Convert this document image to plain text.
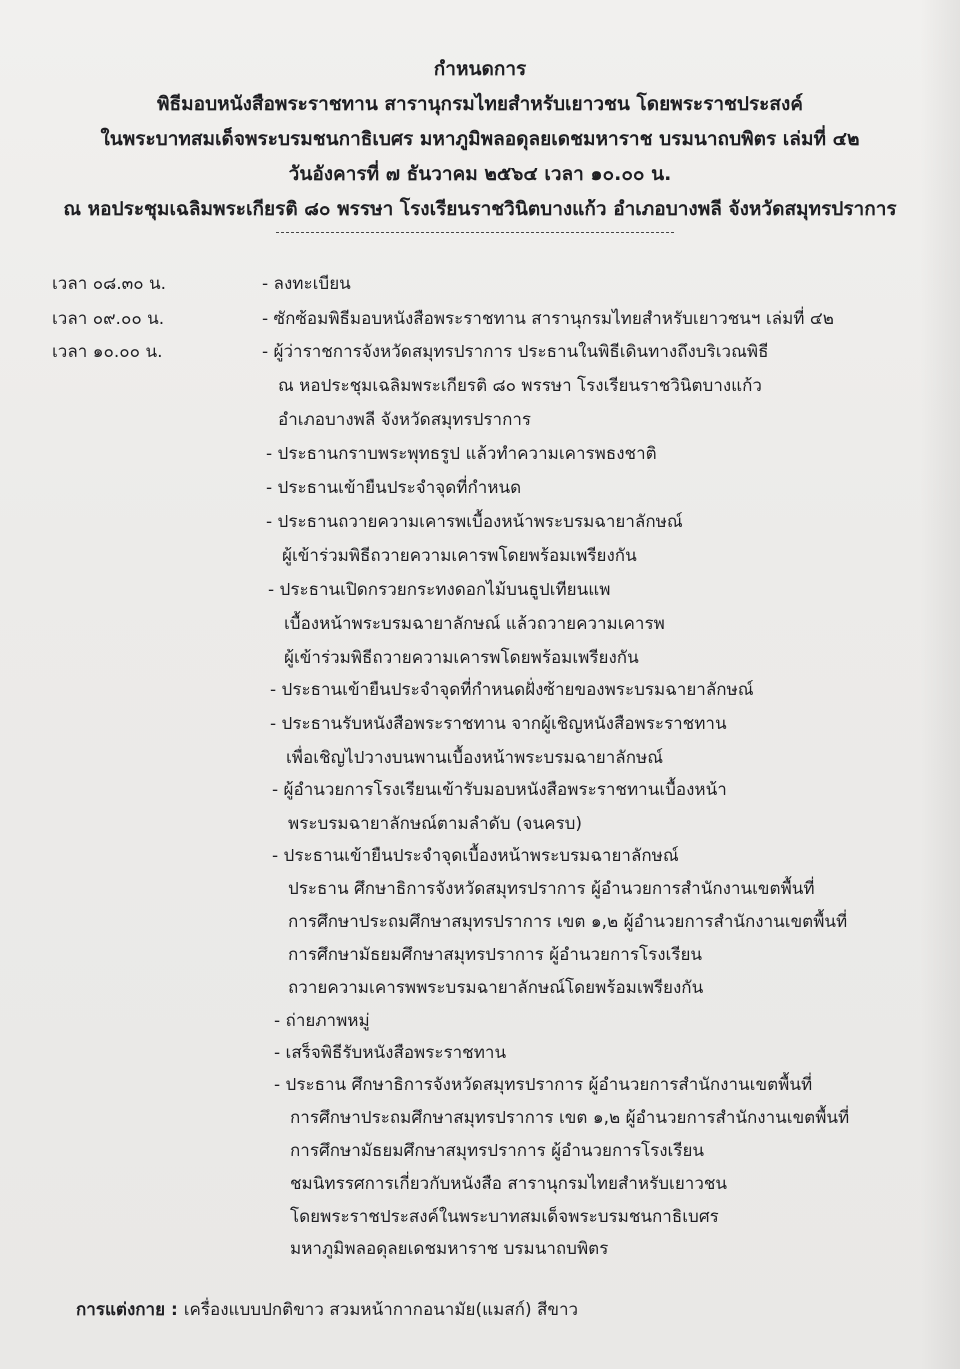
กำหนดการ
พิธีมอบหนังสือพระราชทาน สารานุกรมไทยสำหรับเยาวชน โดยพระราชประสงค์
ในพระบาทสมเด็จพระบรมชนกาธิเบศร มหาภูมิพลอดุลยเดชมหาราช บรมนาถบพิตร เล่มที่ ๔๒
วันอังคารที่ ๗ ธันวาคม ๒๕๖๔ เวลา ๑๐.๐๐ น.
ณ หอประชุมเฉลิมพระเกียรติ ๘๐ พรรษา โรงเรียนราชวินิตบางแก้ว อำเภอบางพลี จังหวัดสมุทรปราการ
เวลา ๐๘.๓๐ น.
เวลา ๐๙.๐๐ น.
เวลา ๑๐.๐๐ น.
- ลงทะเบียน
- ซักซ้อมพิธีมอบหนังสือพระราชทาน สารานุกรมไทยสำหรับเยาวชนฯ เล่มที่ ๔๒
- ผู้ว่าราชการจังหวัดสมุทรปราการ ประธานในพิธีเดินทางถึงบริเวณพิธี
ณ หอประชุมเฉลิมพระเกียรติ ๘๐ พรรษา โรงเรียนราชวินิตบางแก้ว
อำเภอบางพลี จังหวัดสมุทรปราการ
- ประธานกราบพระพุทธรูป แล้วทำความเคารพธงชาติ
- ประธานเข้ายืนประจำจุดที่กำหนด
- ประธานถวายความเคารพเบื้องหน้าพระบรมฉายาลักษณ์
ผู้เข้าร่วมพิธีถวายความเคารพโดยพร้อมเพรียงกัน
- ประธานเปิดกรวยกระทงดอกไม้บนธูปเทียนแพ
เบื้องหน้าพระบรมฉายาลักษณ์ แล้วถวายความเคารพ
ผู้เข้าร่วมพิธีถวายความเคารพโดยพร้อมเพรียงกัน
- ประธานเข้ายืนประจำจุดที่กำหนดฝั่งซ้ายของพระบรมฉายาลักษณ์
- ประธานรับหนังสือพระราชทาน จากผู้เชิญหนังสือพระราชทาน
เพื่อเชิญไปวางบนพานเบื้องหน้าพระบรมฉายาลักษณ์
- ผู้อำนวยการโรงเรียนเข้ารับมอบหนังสือพระราชทานเบื้องหน้า
พระบรมฉายาลักษณ์ตามลำดับ (จนครบ)
- ประธานเข้ายืนประจำจุดเบื้องหน้าพระบรมฉายาลักษณ์
ประธาน ศึกษาธิการจังหวัดสมุทรปราการ ผู้อำนวยการสำนักงานเขตพื้นที่
การศึกษาประถมศึกษาสมุทรปราการ เขต ๑,๒ ผู้อำนวยการสำนักงานเขตพื้นที่
การศึกษามัธยมศึกษาสมุทรปราการ ผู้อำนวยการโรงเรียน
ถวายความเคารพพระบรมฉายาลักษณ์โดยพร้อมเพรียงกัน
- ถ่ายภาพหมู่
- เสร็จพิธีรับหนังสือพระราชทาน
- ประธาน ศึกษาธิการจังหวัดสมุทรปราการ ผู้อำนวยการสำนักงานเขตพื้นที่
การศึกษาประถมศึกษาสมุทรปราการ เขต ๑,๒ ผู้อำนวยการสำนักงานเขตพื้นที่
การศึกษามัธยมศึกษาสมุทรปราการ ผู้อำนวยการโรงเรียน
ชมนิทรรศการเกี่ยวกับหนังสือ สารานุกรมไทยสำหรับเยาวชน
โดยพระราชประสงค์ในพระบาทสมเด็จพระบรมชนกาธิเบศร
มหาภูมิพลอดุลยเดชมหาราช บรมนาถบพิตร
การแต่งกาย : เครื่องแบบปกติขาว สวมหน้ากากอนามัย(แมสก์) สีขาว
